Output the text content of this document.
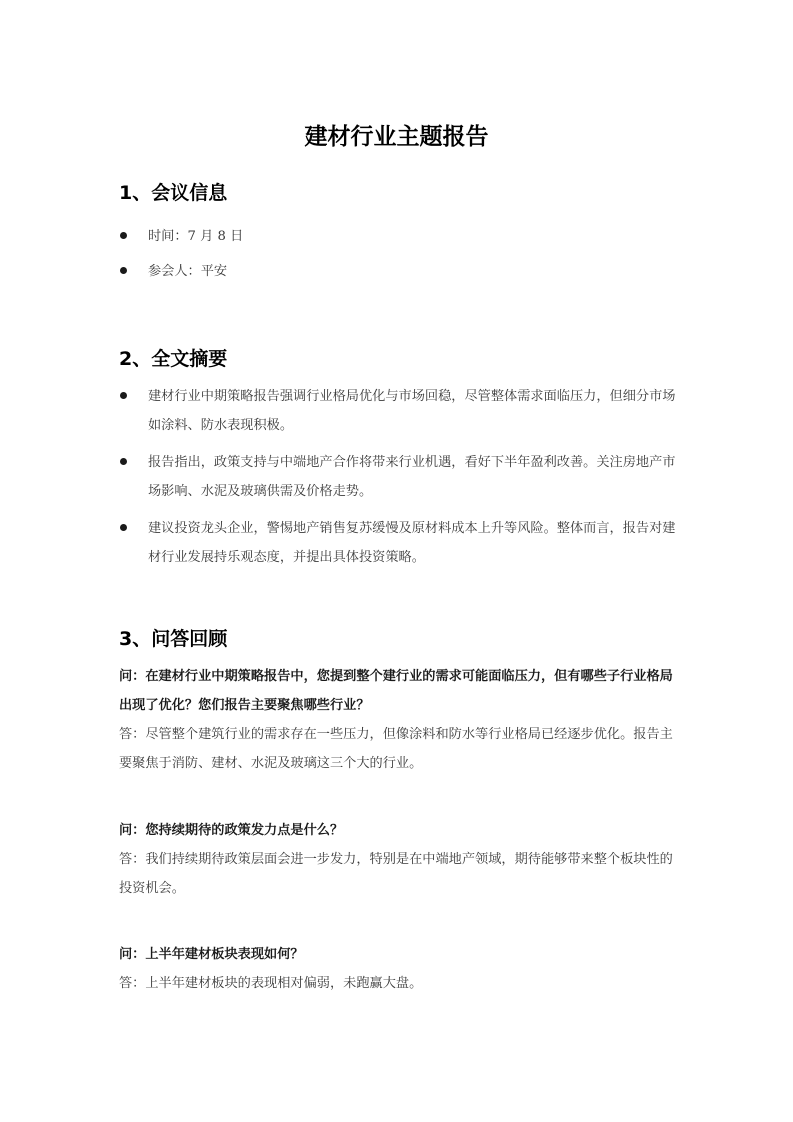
建材行业主题报告
1、会议信息
时间：7 月 8 日
参会人：平安
2、全文摘要
建材行业中期策略报告强调行业格局优化与市场回稳，尽管整体需求面临压力，但细分市场如涂料、防水表现积极。
报告指出，政策支持与中端地产合作将带来行业机遇，看好下半年盈利改善。关注房地产市场影响、水泥及玻璃供需及价格走势。
建议投资龙头企业，警惕地产销售复苏缓慢及原材料成本上升等风险。整体而言，报告对建材行业发展持乐观态度，并提出具体投资策略。
3、问答回顾

问：在建材行业中期策略报告中，您提到整个建行业的需求可能面临压力，但有哪些子行业格局出现了优化？您们报告主要聚焦哪些行业？

答：尽管整个建筑行业的需求存在一些压力，但像涂料和防水等行业格局已经逐步优化。报告主要聚焦于消防、建材、水泥及玻璃这三个大的行业。

问：您持续期待的政策发力点是什么？

答：我们持续期待政策层面会进一步发力，特别是在中端地产领域，期待能够带来整个板块性的投资机会。

问：上半年建材板块表现如何？

答：上半年建材板块的表现相对偏弱，未跑赢大盘。
